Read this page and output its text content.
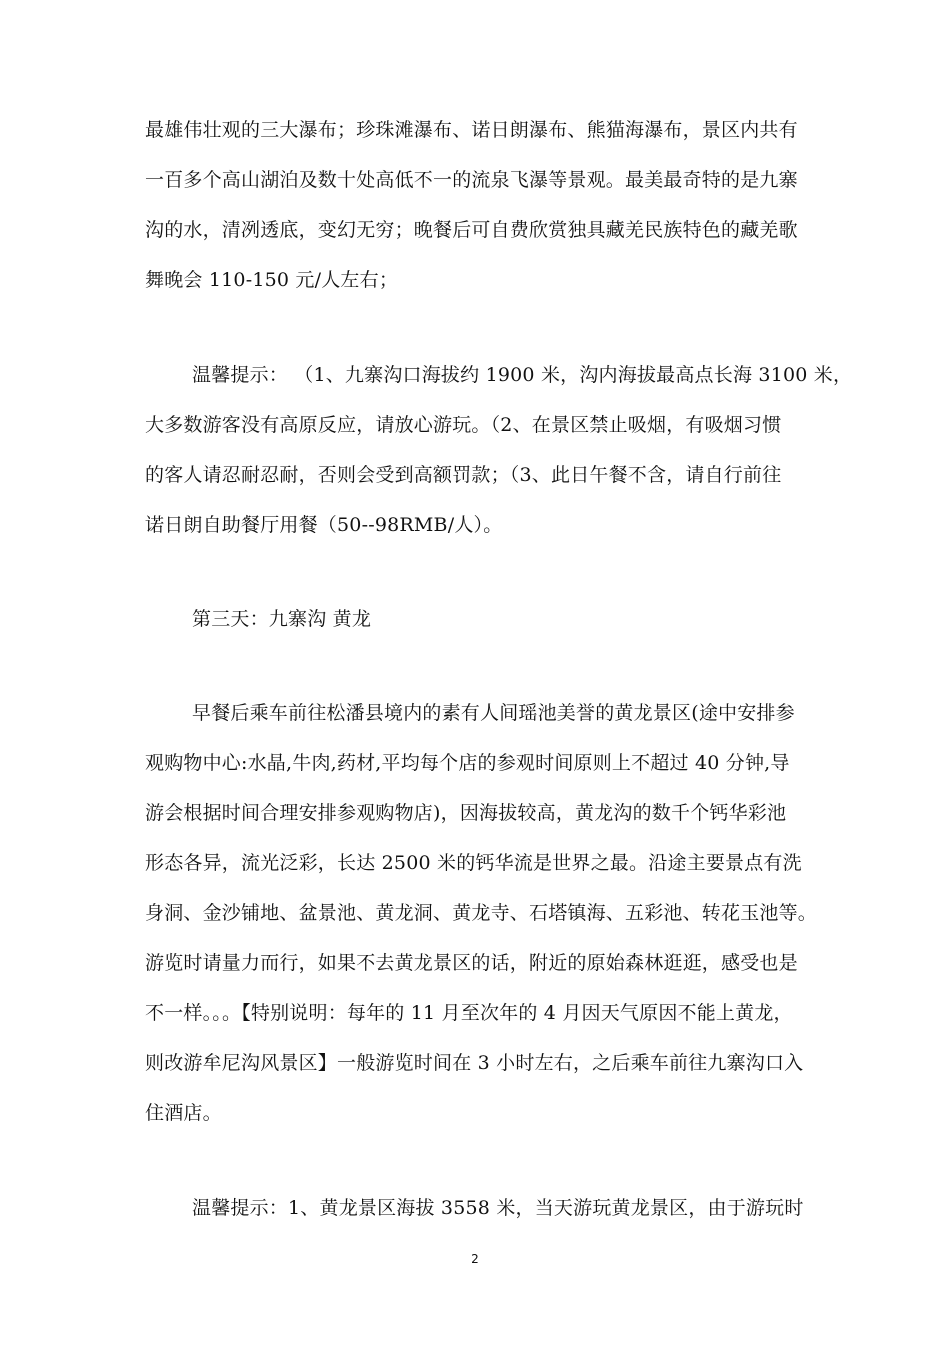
最雄伟壮观的三大瀑布；珍珠滩瀑布、诺日朗瀑布、熊猫海瀑布，景区内共有
一百多个高山湖泊及数十处高低不一的流泉飞瀑等景观。最美最奇特的是九寨
沟的水，清冽透底，变幻无穷；晚餐后可自费欣赏独具藏羌民族特色的藏羌歌
舞晚会 110-150 元/人左右；
温馨提示： （1、九寨沟口海拔约 1900 米，沟内海拔最高点长海 3100 米，
大多数游客没有高原反应，请放心游玩。（2、在景区禁止吸烟，有吸烟习惯
的客人请忍耐忍耐，否则会受到高额罚款；（3、此日午餐不含，请自行前往
诺日朗自助餐厅用餐（50--98RMB/人）。
第三天：九寨沟 黄龙
早餐后乘车前往松潘县境内的素有人间瑶池美誉的黄龙景区(途中安排参
观购物中心:水晶,牛肉,药材,平均每个店的参观时间原则上不超过 40 分钟,导
游会根据时间合理安排参观购物店)，因海拔较高，黄龙沟的数千个钙华彩池
形态各异，流光泛彩，长达 2500 米的钙华流是世界之最。沿途主要景点有洗
身洞、金沙铺地、盆景池、黄龙洞、黄龙寺、石塔镇海、五彩池、转花玉池等。
游览时请量力而行，如果不去黄龙景区的话，附近的原始森林逛逛，感受也是
不一样。。。【特别说明：每年的 11 月至次年的 4 月因天气原因不能上黄龙，
则改游牟尼沟风景区】一般游览时间在 3 小时左右，之后乘车前往九寨沟口入
住酒店。
温馨提示：1、黄龙景区海拔 3558 米，当天游玩黄龙景区，由于游玩时
2
